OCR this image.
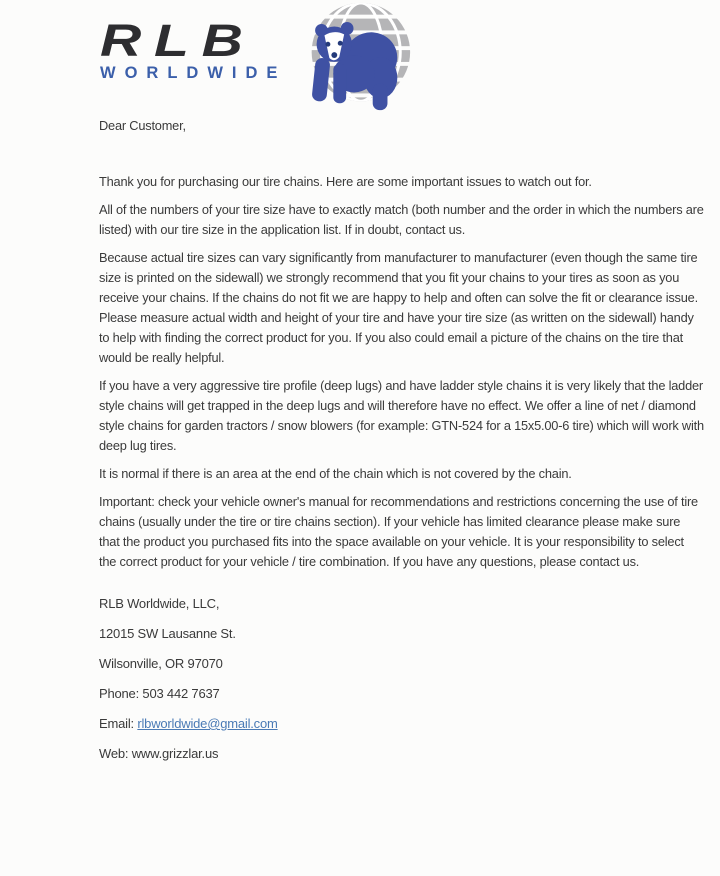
RLB
WORLDWIDE

Dear Customer,

Thank you for purchasing our tire chains. Here are some important issues to watch out for.

All of the numbers of your tire size have to exactly match (both number and the order in which the numbers are listed) with our tire size in the application list. If in doubt, contact us.

Because actual tire sizes can vary significantly from manufacturer to manufacturer (even though the same tire size is printed on the sidewall) we strongly recommend that you fit your chains to your tires as soon as you receive your chains. If the chains do not fit we are happy to help and often can solve the fit or clearance issue. Please measure actual width and height of your tire and have your tire size (as written on the sidewall) handy to help with finding the correct product for you. If you also could email a picture of the chains on the tire that would be really helpful.

If you have a very aggressive tire profile (deep lugs) and have ladder style chains it is very likely that the ladder style chains will get trapped in the deep lugs and will therefore have no effect. We offer a line of net / diamond style chains for garden tractors / snow blowers (for example: GTN-524 for a 15x5.00-6 tire) which will work with deep lug tires.

It is normal if there is an area at the end of the chain which is not covered by the chain.

Important: check your vehicle owner's manual for recommendations and restrictions concerning the use of tire chains (usually under the tire or tire chains section). If your vehicle has limited clearance please make sure that the product you purchased fits into the space available on your vehicle. It is your responsibility to select the correct product for your vehicle / tire combination. If you have any questions, please contact us.

RLB Worldwide, LLC,

12015 SW Lausanne St.

Wilsonville, OR 97070

Phone: 503 442 7637

Email: rlbworldwide@gmail.com

Web: www.grizzlar.us
